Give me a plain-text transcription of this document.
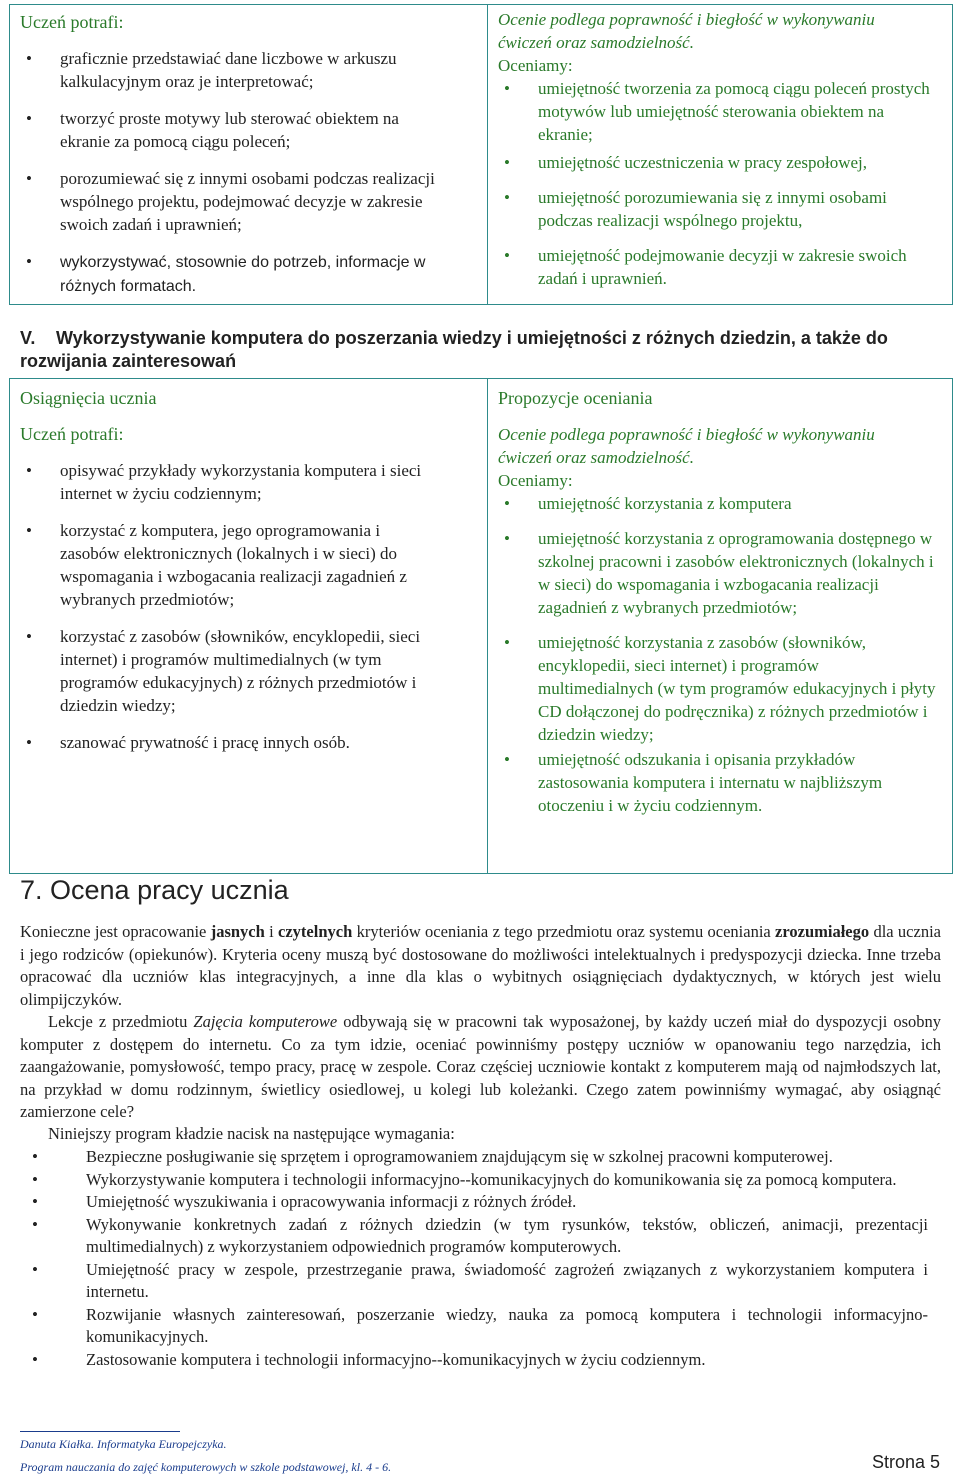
Uczeń potrafi:
• graficznie przedstawiać dane liczbowe w arkuszu kalkulacyjnym oraz je interpretować;
• tworzyć proste motywy lub sterować obiektem na ekranie za pomocą ciągu poleceń;
• porozumiewać się z innymi osobami podczas realizacji wspólnego projektu, podejmować decyzje w zakresie swoich zadań i uprawnień;
• wykorzystywać, stosownie do potrzeb, informacje w różnych formatach.

Ocenie podlega poprawność i biegłość w wykonywaniu ćwiczeń oraz samodzielność.
Oceniamy:
• umiejętność tworzenia za pomocą ciągu poleceń prostych motywów lub umiejętność sterowania obiektem na ekranie;
• umiejętność uczestniczenia w pracy zespołowej,
• umiejętność porozumiewania się z innymi osobami podczas realizacji wspólnego projektu,
• umiejętność podejmowanie decyzji w zakresie swoich zadań i uprawnień.
V. Wykorzystywanie komputera do poszerzania wiedzy i umiejętności z różnych dziedzin, a także do rozwijania zainteresowań
Osiągnięcia ucznia
Uczeń potrafi:
• opisywać przykłady wykorzystania komputera i sieci internet w życiu codziennym;
• korzystać z komputera, jego oprogramowania i zasobów elektronicznych (lokalnych i w sieci) do wspomagania i wzbogacania realizacji zagadnień z wybranych przedmiotów;
• korzystać z zasobów (słowników, encyklopedii, sieci internet) i programów multimedialnych (w tym programów edukacyjnych) z różnych przedmiotów i dziedzin wiedzy;
• szanować prywatność i pracę innych osób.

Propozycje oceniania
Ocenie podlega poprawność i biegłość w wykonywaniu ćwiczeń oraz samodzielność.
Oceniamy:
• umiejętność korzystania z komputera
• umiejętność korzystania z oprogramowania dostępnego w szkolnej pracowni i zasobów elektronicznych (lokalnych i w sieci) do wspomagania i wzbogacania realizacji zagadnień z wybranych przedmiotów;
• umiejętność korzystania z zasobów (słowników, encyklopedii, sieci internet) i programów multimedialnych (w tym programów edukacyjnych i płyty CD dołączonej do podręcznika) z różnych przedmiotów i dziedzin wiedzy;
• umiejętność odszukania i opisania przykładów zastosowania komputera i internatu w najbliższym otoczeniu i w życiu codziennym.
7. Ocena pracy ucznia
Konieczne jest opracowanie jasnych i czytelnych kryteriów oceniania z tego przedmiotu oraz systemu oceniania zrozumiałego dla ucznia i jego rodziców (opiekunów). Kryteria oceny muszą być dostosowane do możliwości intelektualnych i predyspozycji dziecka. Inne trzeba opracować dla uczniów klas integracyjnych, a inne dla klas o wybitnych osiągnięciach dydaktycznych, w których jest wielu olimpijczyków.
Lekcje z przedmiotu Zajęcia komputerowe odbywają się w pracowni tak wyposażonej, by każdy uczeń miał do dyspozycji osobny komputer z dostępem do internetu. Co za tym idzie, oceniać powinniśmy postępy uczniów w opanowaniu tego narzędzia, ich zaangażowanie, pomysłowość, tempo pracy, pracę w zespole. Coraz częściej uczniowie kontakt z komputerem mają od najmłodszych lat, na przykład w domu rodzinnym, świetlicy osiedlowej, u kolegi lub koleżanki. Czego zatem powinniśmy wymagać, aby osiągnąć zamierzone cele?
Niniejszy program kładzie nacisk na następujące wymagania:
• Bezpieczne posługiwanie się sprzętem i oprogramowaniem znajdującym się w szkolnej pracowni komputerowej.
• Wykorzystywanie komputera i technologii informacyjno--komunikacyjnych do komunikowania się za pomocą komputera.
• Umiejętność wyszukiwania i opracowywania informacji z różnych źródeł.
• Wykonywanie konkretnych zadań z różnych dziedzin (w tym rysunków, tekstów, obliczeń, animacji, prezentacji multimedialnych) z wykorzystaniem odpowiednich programów komputerowych.
• Umiejętność pracy w zespole, przestrzeganie prawa, świadomość zagrożeń związanych z wykorzystaniem komputera i internetu.
• Rozwijanie własnych zainteresowań, poszerzanie wiedzy, nauka za pomocą komputera i technologii informacyjno-komunikacyjnych.
• Zastosowanie komputera i technologii informacyjno--komunikacyjnych w życiu codziennym.
Danuta Kiałka. Informatyka Europejczyka.
Program nauczania do zajęć komputerowych w szkole podstawowej, kl. 4 - 6.	Strona 5
